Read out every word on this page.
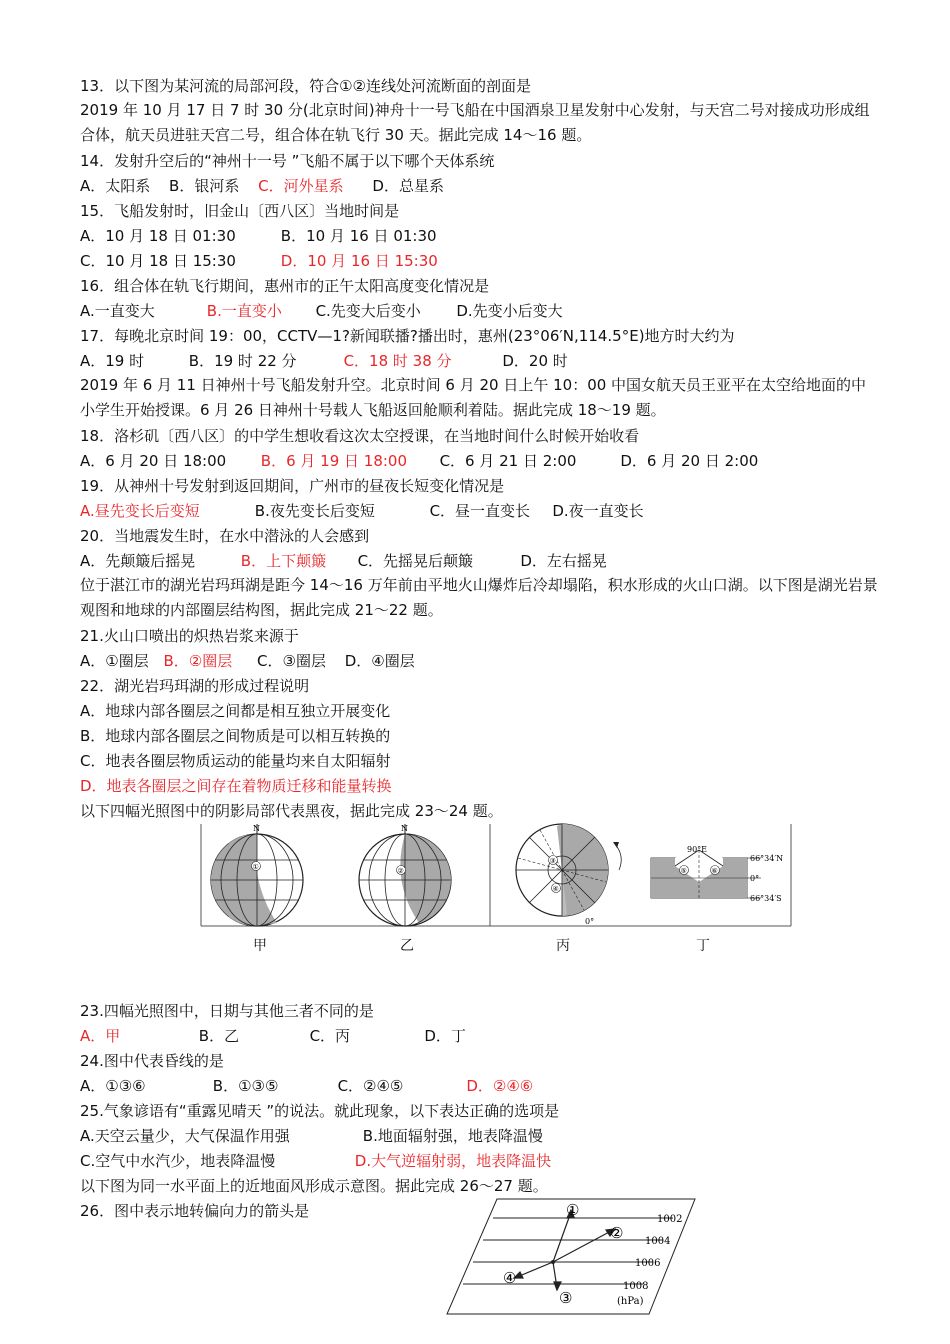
13．以下图为某河流的局部河段，符合①②连线处河流断面的剖面是
2019 年 10 月 17 日 7 时 30 分(北京时间)神舟十一号飞船在中国酒泉卫星发射中心发射，与天宫二号对接成功形成组合体，航天员进驻天宫二号，组合体在轨飞行 30 天。据此完成 14～16 题。
14．发射升空后的“神州十一号 ”飞船不属于以下哪个天体系统
A．太阳系 B．银河系 C．河外星系 D．总星系
15．飞船发射时，旧金山〔西八区〕当地时间是
A．10 月 18 日 01:30	B．10 月 16 日 01:30
C．10 月 18 日 15:30	D．10 月 16 日 15:30
16．组合体在轨飞行期间，惠州市的正午太阳高度变化情况是
A.一直变大	B.一直变小 C.先变大后变小 D.先变小后变大
17．每晚北京时间 19：00，CCTV—1?新闻联播?播出时，惠州(23°06′N,114.5°E)地方时大约为
A．19 时	B．19 时 22 分	C．18 时 38 分	D．20 时
2019 年 6 月 11 日神州十号飞船发射升空。北京时间 6 月 20 日上午 10：00 中国女航天员王亚平在太空给地面的中小学生开始授课。6 月 26 日神州十号载人飞船返回舱顺利着陆。据此完成 18～19 题。
18．洛杉矶〔西八区〕的中学生想收看这次太空授课，在当地时间什么时候开始收看
A．6 月 20 日 18:00 B．6 月 19 日 18:00 C．6 月 21 日 2:00	D．6 月 20 日 2:00
19．从神州十号发射到返回期间，广州市的昼夜长短变化情况是
A.昼先变长后变短	B.夜先变长后变短	C．昼一直变长 D.夜一直变长
20．当地震发生时，在水中潜泳的人会感到
A．先颠簸后摇晃	B．上下颠簸 C．先摇晃后颠簸	D．左右摇晃
位于湛江市的湖光岩玛珥湖是距今 14～16 万年前由平地火山爆炸后冷却塌陷，积水形成的火山口湖。以下图是湖光岩景观图和地球的内部圈层结构图，据此完成 21～22 题。
21.火山口喷出的炽热岩浆来源于
A．①圈层 B．②圈层 C．③圈层 D．④圈层
22．湖光岩玛珥湖的形成过程说明
A．地球内部各圈层之间都是相互独立开展变化
B．地球内部各圈层之间物质是可以相互转换的
C．地表各圈层物质运动的能量均来自太阳辐射
D．地表各圈层之间存在着物质迁移和能量转换
以下四幅光照图中的阴影局部代表黑夜，据此完成 23～24 题。
N
①
N
②
③
④
0°
90°E
66°34′N
0°
66°34′S
⑤	⑥
甲	乙	丙	丁
23.四幅光照图中，日期与其他三者不同的是
A．甲	B．乙	C．丙	D．丁
24.图中代表昏线的是
A．①③⑥	B．①③⑤	C．②④⑤	D．②④⑥
25.气象谚语有“重露见晴天 ”的说法。就此现象，以下表达正确的选项是
A.天空云量少，大气保温作用强	B.地面辐射强，地表降温慢
C.空气中水汽少，地表降温慢	D.大气逆辐射弱，地表降温快
以下图为同一水平面上的近地面风形成示意图。据此完成 26～27 题。
26．图中表示地转偏向力的箭头是	1002
1004
1006
1008
(hPa)
①
②
③
④
